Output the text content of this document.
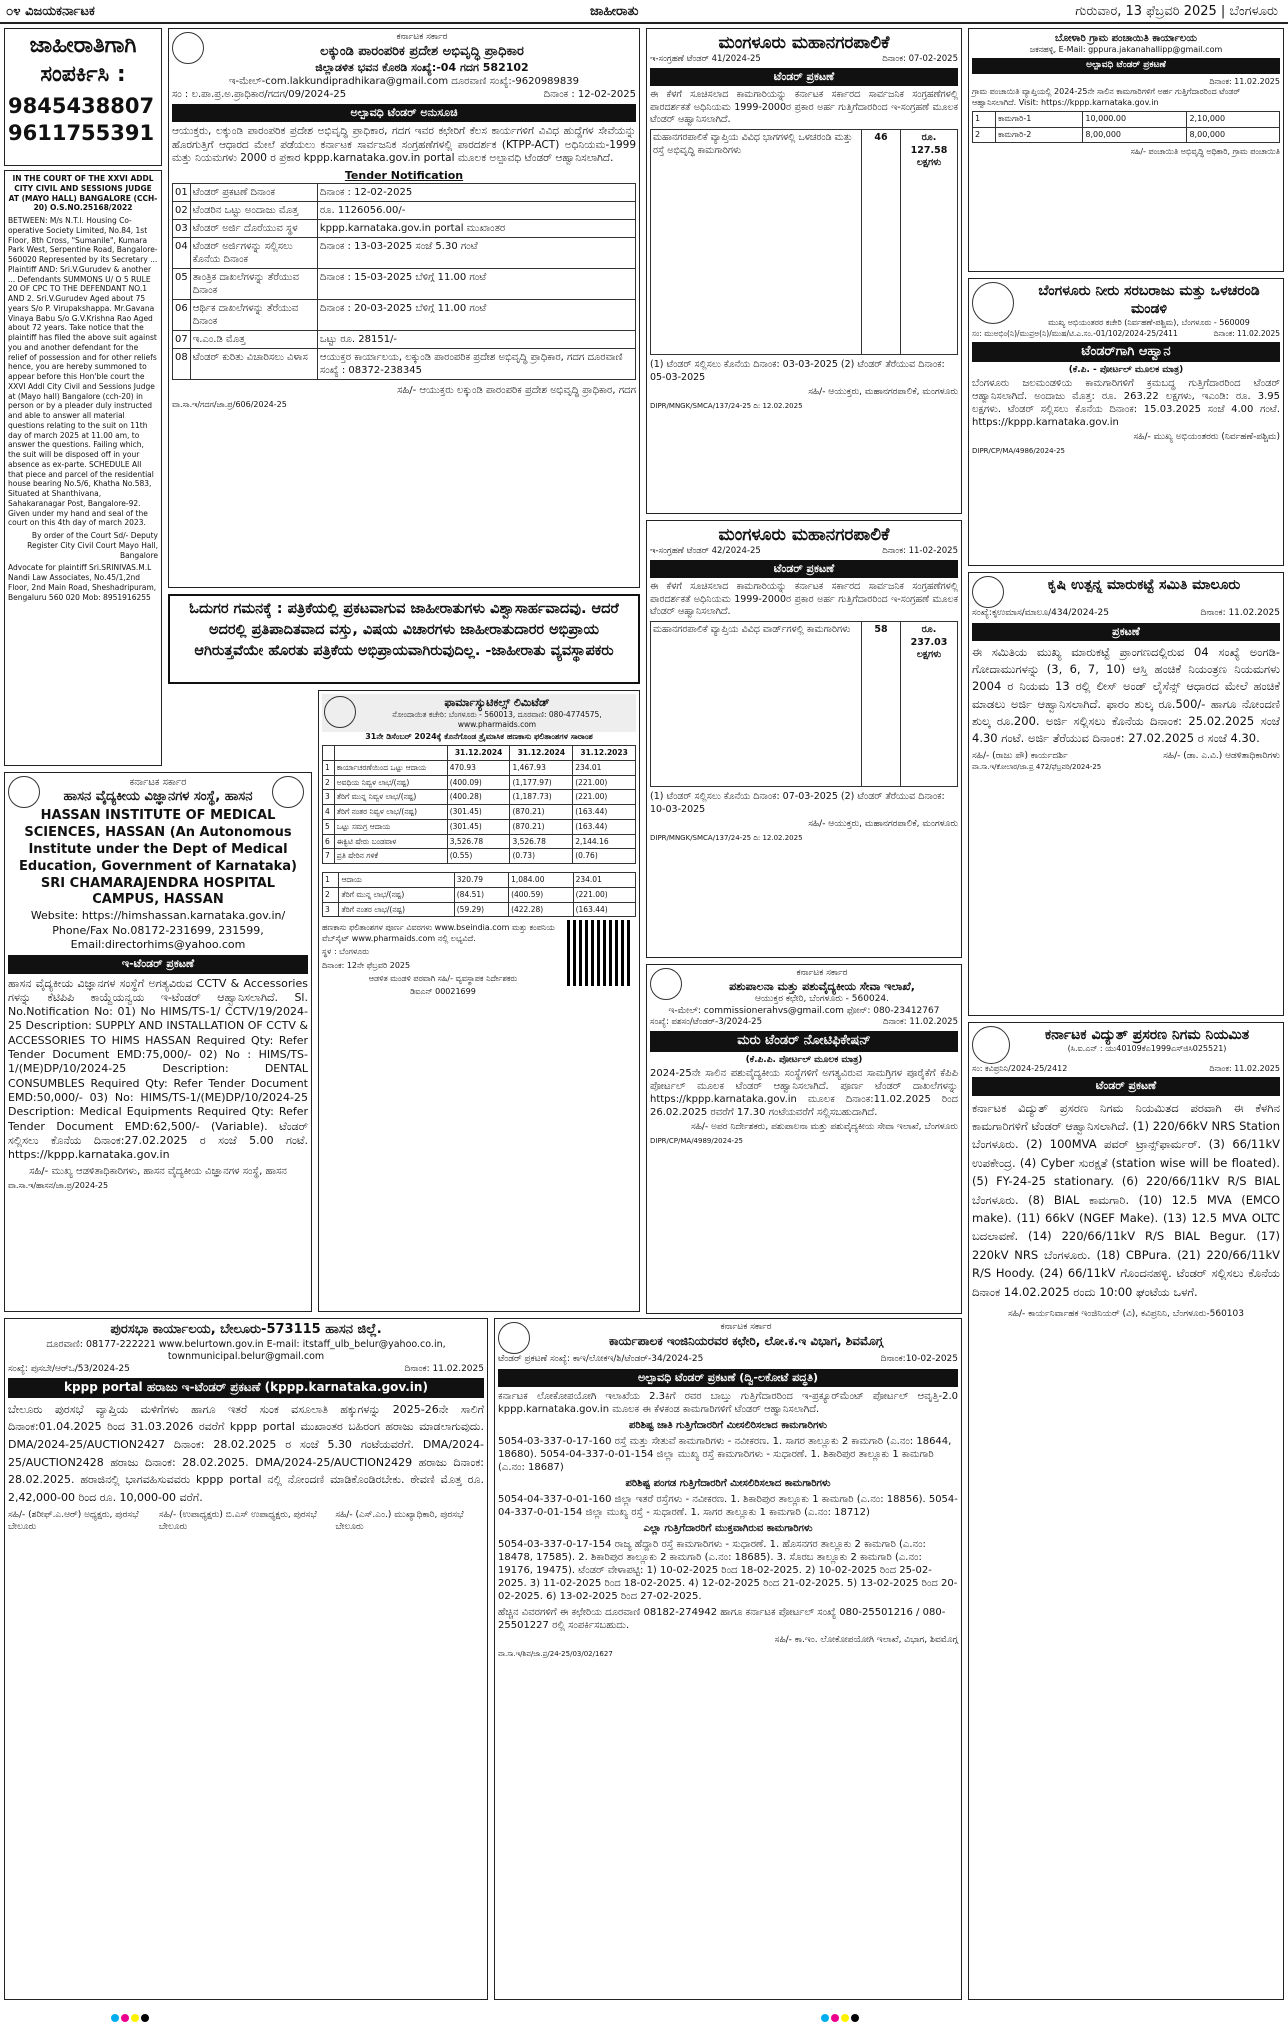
೦೪ ವಿಜಯಕರ್ನಾಟಕ	ಜಾಹೀರಾತು	ಗುರುವಾರ, 13 ಫೆಬ್ರವರಿ 2025 | ಬೆಂಗಳೂರು
ಜಾಹೀರಾತಿಗಾಗಿ ಸಂಪರ್ಕಿಸಿ :
9845438807
9611755391

IN THE COURT OF THE XXVI ADDL CITY CIVIL AND SESSIONS JUDGE AT (MAYO HALL) BANGALORE (CCH-20) O.S.NO.25168/2022

BETWEEN: M/s N.T.I. Housing Co-operative Society Limited, No.84, 1st Floor, 8th Cross, "Sumanile", Kumara Park West, Serpentine Road, Bangalore-560020 Represented by its Secretary ... Plaintiff AND: Sri.V.Gurudev & another ... Defendants SUMMONS U/ O 5 RULE 20 OF CPC TO THE DEFENDANT NO.1 AND 2. Sri.V.Gurudev Aged about 75 years S/o P. Virupakshappa. Mr.Gavana Vinaya Babu S/o G.V.Krishna Rao Aged about 72 years. Take notice that the plaintiff has filed the above suit against you and another defendant for the relief of possession and for other reliefs hence, you are hereby summoned to appear before this Hon'ble court the XXVI Addl City Civil and Sessions Judge at (Mayo hall) Bangalore (cch-20) in person or by a pleader duly instructed and able to answer all material questions relating to the suit on 11th day of march 2025 at 11.00 am, to answer the questions. Failing which, the suit will be disposed off in your absence as ex-parte. SCHEDULE All that piece and parcel of the residential house bearing No.5/6, Khatha No.583, Situated at Shanthivana, Sahakaranagar Post, Bangalore-92. Given under my hand and seal of the court on this 4th day of march 2023.

By order of the Court Sd/- Deputy Register City Civil Court Mayo Hall, Bangalore

Advocate for plaintiff Sri.SRINIVAS.M.L Nandi Law Associates, No.45/1,2nd Floor, 2nd Main Road, Sheshadripuram, Bengaluru 560 020 Mob: 8951916255

ಕರ್ನಾಟಕ ಸರ್ಕಾರ
ಹಾಸನ ವೈದ್ಯಕೀಯ ವಿಜ್ಞಾನಗಳ ಸಂಸ್ಥೆ, ಹಾಸನ
HASSAN INSTITUTE OF MEDICAL SCIENCES, HASSAN (An Autonomous Institute under the Dept of Medical Education, Government of Karnataka) SRI CHAMARAJENDRA HOSPITAL CAMPUS, HASSAN
Website: https://himshassan.karnataka.gov.in/
Phone/Fax No.08172-231699, 231599,
Email:directorhims@yahoo.com
ಇ-ಟೆಂಡರ್ ಪ್ರಕಟಣೆ

ಹಾಸನ ವೈದ್ಯಕೀಯ ವಿಜ್ಞಾನಗಳ ಸಂಸ್ಥೆಗೆ ಅಗತ್ಯವಿರುವ CCTV & Accessories ಗಳನ್ನು ಕೆಟಿಪಿಪಿ ಕಾಯ್ದೆಯನ್ವಯ ಇ-ಟೆಂಡರ್ ಆಹ್ವಾನಿಸಲಾಗಿದೆ. Sl. No.Notification No: 01) No HIMS/TS-1/ CCTV/19/2024-25 Description: SUPPLY AND INSTALLATION OF CCTV & ACCESSORIES TO HIMS HASSAN Required Qty: Refer Tender Document EMD:75,000/- 02) No : HIMS/TS-1/(ME)DP/10/2024-25 Description: DENTAL CONSUMBLES Required Qty: Refer Tender Document EMD:50,000/- 03) No: HIMS/TS-1/(ME)DP/10/2024-25 Description: Medical Equipments Required Qty: Refer Tender Document EMD:62,500/- (Variable). ಟೆಂಡರ್ ಸಲ್ಲಿಸಲು ಕೊನೆಯ ದಿನಾಂಕ:27.02.2025 ರ ಸಂಜೆ 5.00 ಗಂಟೆ. https://kppp.karnataka.gov.in

ಸಹಿ/- ಮುಖ್ಯ ಆಡಳಿತಾಧಿಕಾರಿಗಳು, ಹಾಸನ ವೈದ್ಯಕೀಯ ವಿಜ್ಞಾನಗಳ ಸಂಸ್ಥೆ, ಹಾಸನ

ವಾ.ಸಾ.ಇ/ಹಾಸನ/ಜಾ.ಪ್ರ/2024-25

ಕರ್ನಾಟಕ ಸರ್ಕಾರ
ಲಕ್ಕುಂಡಿ ಪಾರಂಪರಿಕ ಪ್ರದೇಶ ಅಭಿವೃದ್ಧಿ ಪ್ರಾಧಿಕಾರ
ಜಿಲ್ಲಾಡಳಿತ ಭವನ ಕೊಠಡಿ ಸಂಖ್ಯೆ:-04 ಗದಗ 582102
ಇ-ಮೇಲ್-com.lakkundipradhikara@gmail.com ದೂರವಾಣಿ ಸಂಖ್ಯೆ:-9620989839
ಸಂ : ಲ.ಪಾ.ಪ್ರ.ಅ.ಪ್ರಾಧಿಕಾರ/ಗದಗ/09/2024-25	ದಿನಾಂಕ : 12-02-2025
ಅಲ್ಪಾವಧಿ ಟೆಂಡರ್ ಅನುಸೂಚಿ

ಆಯುಕ್ತರು, ಲಕ್ಕುಂಡಿ ಪಾರಂಪರಿಕ ಪ್ರದೇಶ ಅಭಿವೃದ್ಧಿ ಪ್ರಾಧಿಕಾರ, ಗದಗ ಇವರ ಕಛೇರಿಗೆ ಕೆಲಸ ಕಾರ್ಯಗಳಿಗೆ ವಿವಿಧ ಹುದ್ದೆಗಳ ಸೇವೆಯನ್ನು ಹೊರಗುತ್ತಿಗೆ ಆಧಾರದ ಮೇಲೆ ಪಡೆಯಲು ಕರ್ನಾಟಕ ಸಾರ್ವಜನಿಕ ಸಂಗ್ರಹಣೆಗಳಲ್ಲಿ ಪಾರದರ್ಶಕ (KTPP-ACT) ಅಧಿನಿಯಮ-1999 ಮತ್ತು ನಿಯಮಗಳು 2000 ರ ಪ್ರಕಾರ kppp.karnataka.gov.in portal ಮೂಲಕ ಅಲ್ಪಾವಧಿ ಟೆಂಡರ್ ಆಹ್ವಾನಿಸಲಾಗಿದೆ.

Tender Notification
01	ಟೆಂಡರ್ ಪ್ರಕಟಣೆ ದಿನಾಂಕ	ದಿನಾಂಕ : 12-02-2025
02	ಟೆಂಡರಿನ ಒಟ್ಟು ಅಂದಾಜು ಮೊತ್ತ	ರೂ. 1126056.00/-
03	ಟೆಂಡರ್ ಅರ್ಜಿ ದೊರೆಯುವ ಸ್ಥಳ	kppp.karnataka.gov.in portal ಮುಖಾಂತರ
04	ಟೆಂಡರ್ ಅರ್ಜಿಗಳನ್ನು ಸಲ್ಲಿಸಲು ಕೊನೆಯ ದಿನಾಂಕ	ದಿನಾಂಕ : 13-03-2025 ಸಂಜೆ 5.30 ಗಂಟೆ
05	ತಾಂತ್ರಿಕ ದಾಖಲೆಗಳನ್ನು ತೆರೆಯುವ ದಿನಾಂಕ	ದಿನಾಂಕ : 15-03-2025 ಬೆಳಿಗ್ಗೆ 11.00 ಗಂಟೆ
06	ಆರ್ಥಿಕ ದಾಖಲೆಗಳನ್ನು ತೆರೆಯುವ ದಿನಾಂಕ	ದಿನಾಂಕ : 20-03-2025 ಬೆಳಿಗ್ಗೆ 11.00 ಗಂಟೆ
07	ಇ.ಎಂ.ಡಿ ಮೊತ್ತ	ಒಟ್ಟು ರೂ. 28151/-
08	ಟೆಂಡರ್ ಕುರಿತು ವಿಚಾರಿಸಲು ವಿಳಾಸ	ಆಯುಕ್ತರ ಕಾರ್ಯಾಲಯ, ಲಕ್ಕುಂಡಿ ಪಾರಂಪರಿಕ ಪ್ರದೇಶ ಅಭಿವೃದ್ಧಿ ಪ್ರಾಧಿಕಾರ, ಗದಗ ದೂರವಾಣಿ ಸಂಖ್ಯೆ : 08372-238345

ಸಹಿ/- ಆಯುಕ್ತರು ಲಕ್ಕುಂಡಿ ಪಾರಂಪರಿಕ ಪ್ರದೇಶ ಅಭಿವೃದ್ಧಿ ಪ್ರಾಧಿಕಾರ, ಗದಗ

ವಾ.ಸಾ.ಇ/ಗದಗ/ಜಾ.ಪ್ರ/606/2024-25

ಓದುಗರ ಗಮನಕ್ಕೆ : ಪತ್ರಿಕೆಯಲ್ಲಿ ಪ್ರಕಟವಾಗುವ ಜಾಹೀರಾತುಗಳು ವಿಶ್ವಾಸಾರ್ಹವಾದವು. ಆದರೆ ಅದರಲ್ಲಿ ಪ್ರತಿಪಾದಿತವಾದ ವಸ್ತು, ವಿಷಯ ವಿಚಾರಗಳು ಜಾಹೀರಾತುದಾರರ ಅಭಿಪ್ರಾಯ ಆಗಿರುತ್ತವೆಯೇ ಹೊರತು ಪತ್ರಿಕೆಯ ಅಭಿಪ್ರಾಯವಾಗಿರುವುದಿಲ್ಲ. -ಜಾಹೀರಾತು ವ್ಯವಸ್ಥಾಪಕರು
ಫಾರ್ಮಾಸ್ಯುಟಿಕಲ್ಸ್ ಲಿಮಿಟೆಡ್
ನೋಂದಾಯಿತ ಕಚೇರಿ: ಬೆಂಗಳೂರು - 560013, ದೂರವಾಣಿ: 080-4774575, www.pharmaids.com

31ನೇ ಡಿಸೆಂಬರ್ 2024ಕ್ಕೆ ಕೊನೆಗೊಂಡ ತ್ರೈಮಾಸಿಕ ಹಣಕಾಸು ಫಲಿತಾಂಶಗಳ ಸಾರಾಂಶ

		31.12.2024	31.12.2024	31.12.2023
1	ಕಾರ್ಯಾಚರಣೆಯಿಂದ ಒಟ್ಟು ಆದಾಯ	470.93	1,467.93	234.01
2	ಅವಧಿಯ ನಿವ್ವಳ ಲಾಭ/(ನಷ್ಟ)	(400.09)	(1,177.97)	(221.00)
3	ತೆರಿಗೆ ಮುನ್ನ ನಿವ್ವಳ ಲಾಭ/(ನಷ್ಟ)	(400.28)	(1,187.73)	(221.00)
4	ತೆರಿಗೆ ನಂತರ ನಿವ್ವಳ ಲಾಭ/(ನಷ್ಟ)	(301.45)	(870.21)	(163.44)
5	ಒಟ್ಟು ಸಮಗ್ರ ಆದಾಯ	(301.45)	(870.21)	(163.44)
6	ಈಕ್ವಿಟಿ ಷೇರು ಬಂಡವಾಳ	3,526.78	3,526.78	2,144.16
7	ಪ್ರತಿ ಷೇರಿನ ಗಳಿಕೆ	(0.55)	(0.73)	(0.76)
1	ಆದಾಯ	320.79	1,084.00	234.01
2	ತೆರಿಗೆ ಮುನ್ನ ಲಾಭ/(ನಷ್ಟ)	(84.51)	(400.59)	(221.00)
3	ತೆರಿಗೆ ನಂತರ ಲಾಭ/(ನಷ್ಟ)	(59.29)	(422.28)	(163.44)

ಹಣಕಾಸು ಫಲಿತಾಂಶಗಳ ಪೂರ್ಣ ವಿವರಗಳು www.bseindia.com ಮತ್ತು ಕಂಪನಿಯ ವೆಬ್‌ಸೈಟ್ www.pharmaids.com ನಲ್ಲಿ ಲಭ್ಯವಿದೆ.

ಸ್ಥಳ : ಬೆಂಗಳೂರು

ದಿನಾಂಕ: 12ನೇ ಫೆಬ್ರವರಿ 2025

ಆಡಳಿತ ಮಂಡಳಿ ಪರವಾಗಿ ಸಹಿ/- ವ್ಯವಸ್ಥಾಪಕ ನಿರ್ದೇಶಕರು

ಡಿಐಎನ್ 00021699

ಮಂಗಳೂರು ಮಹಾನಗರಪಾಲಿಕೆ
ಇ-ಸಂಗ್ರಹಣೆ ಟೆಂಡರ್ 41/2024-25	ದಿನಾಂಕ: 07-02-2025
ಟೆಂಡರ್ ಪ್ರಕಟಣೆ

ಈ ಕೆಳಗೆ ಸೂಚಿಸಲಾದ ಕಾಮಗಾರಿಯನ್ನು ಕರ್ನಾಟಕ ಸರ್ಕಾರದ ಸಾರ್ವಜನಿಕ ಸಂಗ್ರಹಣೆಗಳಲ್ಲಿ ಪಾರದರ್ಶಕತೆ ಅಧಿನಿಯಮ 1999-2000ರ ಪ್ರಕಾರ ಅರ್ಹ ಗುತ್ತಿಗೆದಾರರಿಂದ ಇ-ಸಂಗ್ರಹಣೆ ಮೂಲಕ ಟೆಂಡರ್ ಆಹ್ವಾನಿಸಲಾಗಿದೆ.

ಮಹಾನಗರಪಾಲಿಕೆ ವ್ಯಾಪ್ತಿಯ ವಿವಿಧ ಭಾಗಗಳಲ್ಲಿ ಒಳಚರಂಡಿ ಮತ್ತು ರಸ್ತೆ ಅಭಿವೃದ್ಧಿ ಕಾಮಗಾರಿಗಳು	46	ರೂ. 127.58 ಲಕ್ಷಗಳು

(1) ಟೆಂಡರ್ ಸಲ್ಲಿಸಲು ಕೊನೆಯ ದಿನಾಂಕ: 03-03-2025 (2) ಟೆಂಡರ್ ತೆರೆಯುವ ದಿನಾಂಕ: 05-03-2025

ಸಹಿ/- ಆಯುಕ್ತರು, ಮಹಾನಗರಪಾಲಿಕೆ, ಮಂಗಳೂರು

DIPR/MNGK/SMCA/137/24-25 ದಿ: 12.02.2025

ಮಂಗಳೂರು ಮಹಾನಗರಪಾಲಿಕೆ
ಇ-ಸಂಗ್ರಹಣೆ ಟೆಂಡರ್ 42/2024-25	ದಿನಾಂಕ: 11-02-2025
ಟೆಂಡರ್ ಪ್ರಕಟಣೆ

ಈ ಕೆಳಗೆ ಸೂಚಿಸಲಾದ ಕಾಮಗಾರಿಯನ್ನು ಕರ್ನಾಟಕ ಸರ್ಕಾರದ ಸಾರ್ವಜನಿಕ ಸಂಗ್ರಹಣೆಗಳಲ್ಲಿ ಪಾರದರ್ಶಕತೆ ಅಧಿನಿಯಮ 1999-2000ರ ಪ್ರಕಾರ ಅರ್ಹ ಗುತ್ತಿಗೆದಾರರಿಂದ ಇ-ಸಂಗ್ರಹಣೆ ಮೂಲಕ ಟೆಂಡರ್ ಆಹ್ವಾನಿಸಲಾಗಿದೆ.

ಮಹಾನಗರಪಾಲಿಕೆ ವ್ಯಾಪ್ತಿಯ ವಿವಿಧ ವಾರ್ಡ್‌ಗಳಲ್ಲಿ ಕಾಮಗಾರಿಗಳು	58	ರೂ. 237.03 ಲಕ್ಷಗಳು

(1) ಟೆಂಡರ್ ಸಲ್ಲಿಸಲು ಕೊನೆಯ ದಿನಾಂಕ: 07-03-2025 (2) ಟೆಂಡರ್ ತೆರೆಯುವ ದಿನಾಂಕ: 10-03-2025

ಸಹಿ/- ಆಯುಕ್ತರು, ಮಹಾನಗರಪಾಲಿಕೆ, ಮಂಗಳೂರು

DIPR/MNGK/SMCA/137/24-25 ದಿ: 12.02.2025

ಕರ್ನಾಟಕ ಸರ್ಕಾರ
ಪಶುಪಾಲನಾ ಮತ್ತು ಪಶುವೈದ್ಯಕೀಯ ಸೇವಾ ಇಲಾಖೆ,
ಆಯುಕ್ತರ ಕಛೇರಿ, ಬೆಂಗಳೂರು - 560024.
ಇ-ಮೇಲ್: commissionerahvs@gmail.com ಫೋನ್: 080-23412767
ಸಂಖ್ಯೆ: ಪಶಸಂ/ಟೆಂಡರ್-3/2024-25	ದಿನಾಂಕ: 11.02.2025
ಮರು ಟೆಂಡರ್ ನೋಟಿಫಿಕೇಷನ್
(ಕೆ.ಪಿ.ಪಿ. ಪೋರ್ಟಲ್ ಮೂಲಕ ಮಾತ್ರ)

2024-25ನೇ ಸಾಲಿನ ಪಶುವೈದ್ಯಕೀಯ ಸಂಸ್ಥೆಗಳಿಗೆ ಅಗತ್ಯವಿರುವ ಸಾಮಗ್ರಿಗಳ ಪೂರೈಕೆಗೆ ಕೆಪಿಪಿ ಪೋರ್ಟಲ್ ಮೂಲಕ ಟೆಂಡರ್ ಆಹ್ವಾನಿಸಲಾಗಿದೆ. ಪೂರ್ಣ ಟೆಂಡರ್ ದಾಖಲೆಗಳನ್ನು https://kppp.karnataka.gov.in ಮೂಲಕ ದಿನಾಂಕ:11.02.2025 ರಿಂದ 26.02.2025 ರವರೆಗೆ 17.30 ಗಂಟೆಯವರೆಗೆ ಸಲ್ಲಿಸಬಹುದಾಗಿದೆ.

ಸಹಿ/- ಅಪರ ನಿರ್ದೇಶಕರು, ಪಶುಪಾಲನಾ ಮತ್ತು ಪಶುವೈದ್ಯಕೀಯ ಸೇವಾ ಇಲಾಖೆ, ಬೆಂಗಳೂರು

DIPR/CP/MA/4989/2024-25

ಬೋಳಾರಿ ಗ್ರಾಮ ಪಂಚಾಯಿತಿ ಕಾರ್ಯಾಲಯ
ಜಕನಹಳ್ಳಿ, E-Mail: gppura.jakanahallipp@gmail.com
ಅಲ್ಪಾವಧಿ ಟೆಂಡರ್ ಪ್ರಕಟಣೆ
ದಿನಾಂಕ: 11.02.2025

ಗ್ರಾಮ ಪಂಚಾಯಿತಿ ವ್ಯಾಪ್ತಿಯಲ್ಲಿ 2024-25ನೇ ಸಾಲಿನ ಕಾಮಗಾರಿಗಳಿಗೆ ಅರ್ಹ ಗುತ್ತಿಗೆದಾರರಿಂದ ಟೆಂಡರ್ ಆಹ್ವಾನಿಸಲಾಗಿದೆ. Visit: https://kppp.karnataka.gov.in

1	ಕಾಮಗಾರಿ-1	10,000.00	2,10,000
2	ಕಾಮಗಾರಿ-2	8,00,000	8,00,000

ಸಹಿ/- ಪಂಚಾಯಿತಿ ಅಭಿವೃದ್ಧಿ ಅಧಿಕಾರಿ, ಗ್ರಾಮ ಪಂಚಾಯಿತಿ

ಬೆಂಗಳೂರು ನೀರು ಸರಬರಾಜು ಮತ್ತು ಒಳಚರಂಡಿ ಮಂಡಳಿ
ಮುಖ್ಯ ಅಭಿಯಂತರರ ಕಚೇರಿ (ನಿರ್ವಹಣೆ-ಪಶ್ಚಿಮ), ಬೆಂಗಳೂರು - 560009
ಸಂ: ಮುಅಭಿಂ(ನಿ)/ಮುಪ್ರಅ(ನಿ)/ಮುಹ/ಟಿ.ಎ.ಸಂ.-01/102/2024-25/2411	ದಿನಾಂಕ: 11.02.2025
ಟೆಂಡರ್‌ಗಾಗಿ ಆಹ್ವಾನ
(ಕೆ.ಪಿ. - ಪೋರ್ಟಲ್ ಮೂಲಕ ಮಾತ್ರ)

ಬೆಂಗಳೂರು ಜಲಮಂಡಳಿಯ ಕಾಮಗಾರಿಗಳಿಗೆ ಕ್ರಮಬದ್ಧ ಗುತ್ತಿಗೆದಾರರಿಂದ ಟೆಂಡರ್ ಆಹ್ವಾನಿಸಲಾಗಿದೆ. ಅಂದಾಜು ಮೊತ್ತ: ರೂ. 263.22 ಲಕ್ಷಗಳು, ಇಎಂಡಿ: ರೂ. 3.95 ಲಕ್ಷಗಳು. ಟೆಂಡರ್ ಸಲ್ಲಿಸಲು ಕೊನೆಯ ದಿನಾಂಕ: 15.03.2025 ಸಂಜೆ 4.00 ಗಂಟೆ. https://kppp.karnataka.gov.in

ಸಹಿ/- ಮುಖ್ಯ ಅಭಿಯಂತರರು (ನಿರ್ವಹಣೆ-ಪಶ್ಚಿಮ)

DIPR/CP/MA/4986/2024-25

ಕೃಷಿ ಉತ್ಪನ್ನ ಮಾರುಕಟ್ಟೆ ಸಮಿತಿ ಮಾಲೂರು
ಸಂಖ್ಯೆ:ಕೃಉಮಾಸ/ಮಾಲೂ/434/2024-25	ದಿನಾಂಕ: 11.02.2025
ಪ್ರಕಟಣೆ

ಈ ಸಮಿತಿಯ ಮುಖ್ಯ ಮಾರುಕಟ್ಟೆ ಪ್ರಾಂಗಣದಲ್ಲಿರುವ 04 ಸಂಖ್ಯೆ ಅಂಗಡಿ-ಗೋದಾಮುಗಳನ್ನು (3, 6, 7, 10) ಆಸ್ತಿ ಹಂಚಿಕೆ ನಿಯಂತ್ರಣ ನಿಯಮಗಳು 2004 ರ ನಿಯಮ 13 ರಲ್ಲಿ ಲೀಸ್ ಅಂಡ್ ಲೈಸೆನ್ಸ್ ಆಧಾರದ ಮೇಲೆ ಹಂಚಿಕೆ ಮಾಡಲು ಅರ್ಜಿ ಆಹ್ವಾನಿಸಲಾಗಿದೆ. ಫಾರಂ ಶುಲ್ಕ ರೂ.500/- ಹಾಗೂ ನೋಂದಣಿ ಶುಲ್ಕ ರೂ.200. ಅರ್ಜಿ ಸಲ್ಲಿಸಲು ಕೊನೆಯ ದಿನಾಂಕ: 25.02.2025 ಸಂಜೆ 4.30 ಗಂಟೆ. ಅರ್ಜಿ ತೆರೆಯುವ ದಿನಾಂಕ: 27.02.2025 ರ ಸಂಜೆ 4.30.

ಸಹಿ/- (ರಾಜು ಪೌ) ಕಾರ್ಯದರ್ಶಿ	ಸಹಿ/- (ಡಾ. ಎ.ವಿ.) ಆಡಳಿತಾಧಿಕಾರಿಗಳು

ವಾ.ಸಾ.ಇ/ಕೋಲಾರ/ಜಾ.ಪ್ರ 472/ಫೆಬ್ರವರಿ/2024-25

ಕರ್ನಾಟಕ ವಿದ್ಯುತ್ ಪ್ರಸರಣ ನಿಗಮ ನಿಯಮಿತ
(ಸಿ.ಐ.ಎನ್ : ಯು40109ಕೆಎ1999ಎಸ್‌ಜಿಸಿ025521)
ಸಂ: ಕವಿಪ್ರನಿನಿ/2024-25/2412	ದಿನಾಂಕ: 11.02.2025
ಟೆಂಡರ್ ಪ್ರಕಟಣೆ

ಕರ್ನಾಟಕ ವಿದ್ಯುತ್ ಪ್ರಸರಣ ನಿಗಮ ನಿಯಮಿತದ ಪರವಾಗಿ ಈ ಕೆಳಗಿನ ಕಾಮಗಾರಿಗಳಿಗೆ ಟೆಂಡರ್ ಆಹ್ವಾನಿಸಲಾಗಿದೆ. (1) 220/66kV NRS Station ಬೆಂಗಳೂರು. (2) 100MVA ಪವರ್ ಟ್ರಾನ್ಸ್‌ಫಾರ್ಮರ್. (3) 66/11kV ಉಪಕೇಂದ್ರ. (4) Cyber ಸುರಕ್ಷತೆ (station wise will be floated). (5) FY-24-25 stationary. (6) 220/66/11kV R/S BIAL ಬೆಂಗಳೂರು. (8) BIAL ಕಾಮಗಾರಿ. (10) 12.5 MVA (EMCO make). (11) 66kV (NGEF Make). (13) 12.5 MVA OLTC ಬದಲಾವಣೆ. (14) 220/66/11kV R/S BIAL Begur. (17) 220kV NRS ಬೆಂಗಳೂರು. (18) CBPura. (21) 220/66/11kV R/S Hoody. (24) 66/11kV ಗೊಂದನಹಳ್ಳಿ. ಟೆಂಡರ್ ಸಲ್ಲಿಸಲು ಕೊನೆಯ ದಿನಾಂಕ 14.02.2025 ರಂದು 10:00 ಘಂಟೆಯ ಒಳಗೆ.

ಸಹಿ/- ಕಾರ್ಯನಿರ್ವಾಹಕ ಇಂಜಿನಿಯರ್ (ವಿ), ಕವಿಪ್ರನಿನಿ, ಬೆಂಗಳೂರು-560103

ಪುರಸಭಾ ಕಾರ್ಯಾಲಯ, ಬೇಲೂರು-573115 ಹಾಸನ ಜಿಲ್ಲೆ.
ದೂರವಾಣಿ: 08177-222221 www.belurtown.gov.in E-mail: itstaff_ulb_belur@yahoo.co.in, townmunicipal.belur@gmail.com
ಸಂಖ್ಯೆ: ಪುಸಬೇ/ಆರ್‌ಒ/53/2024-25	ದಿನಾಂಕ: 11.02.2025
kppp portal ಹರಾಜು ಇ-ಟೆಂಡರ್ ಪ್ರಕಟಣೆ (kppp.karnataka.gov.in)

ಬೇಲೂರು ಪುರಸಭೆ ವ್ಯಾಪ್ತಿಯ ಮಳಿಗೆಗಳು ಹಾಗೂ ಇತರೆ ಸುಂಕ ವಸೂಲಾತಿ ಹಕ್ಕುಗಳನ್ನು 2025-26ನೇ ಸಾಲಿಗೆ ದಿನಾಂಕ:01.04.2025 ರಿಂದ 31.03.2026 ರವರೆಗೆ kppp portal ಮುಖಾಂತರ ಬಹಿರಂಗ ಹರಾಜು ಮಾಡಲಾಗುವುದು. DMA/2024-25/AUCTION2427 ದಿನಾಂಕ: 28.02.2025 ರ ಸಂಜೆ 5.30 ಗಂಟೆಯವರೆಗೆ. DMA/2024-25/AUCTION2428 ಹರಾಜು ದಿನಾಂಕ: 28.02.2025. DMA/2024-25/AUCTION2429 ಹರಾಜು ದಿನಾಂಕ: 28.02.2025. ಹರಾಜಿನಲ್ಲಿ ಭಾಗವಹಿಸುವವರು kppp portal ನಲ್ಲಿ ನೋಂದಣಿ ಮಾಡಿಕೊಂಡಿರಬೇಕು. ಠೇವಣಿ ಮೊತ್ತ ರೂ. 2,42,000-00 ರಿಂದ ರೂ. 10,000-00 ವರೆಗೆ.

ಸಹಿ/- (ಶರೀಫ್.ಎ.ಆರ್) ಅಧ್ಯಕ್ಷರು, ಪುರಸಭೆ ಬೇಲೂರು
ಸಹಿ/- (ಉಪಾಧ್ಯಕ್ಷರು) ಬಿ.ಎಸ್ ಉಪಾಧ್ಯಕ್ಷರು, ಪುರಸಭೆ ಬೇಲೂರು
ಸಹಿ/- (ಎಸ್.ಎಂ.) ಮುಖ್ಯಾಧಿಕಾರಿ, ಪುರಸಭೆ ಬೇಲೂರು
ಕರ್ನಾಟಕ ಸರ್ಕಾರ
ಕಾರ್ಯಪಾಲಕ ಇಂಜಿನಿಯರವರ ಕಛೇರಿ, ಲೋ.ಕ.ಇ ವಿಭಾಗ, ಶಿವಮೊಗ್ಗ
ಟೆಂಡರ್ ಪ್ರಕಟಣೆ ಸಂಖ್ಯೆ: ಕಾಇ/ಲೋಕಇ/ಶಿ/ಟೆಂಡರ್-34/2024-25	ದಿನಾಂಕ:10-02-2025
ಅಲ್ಪಾವಧಿ ಟೆಂಡರ್ ಪ್ರಕಟಣೆ (ದ್ವಿ-ಲಕೋಟೆ ಪದ್ಧತಿ)

ಕರ್ನಾಟಕ ಲೋಕೋಪಯೋಗಿ ಇಲಾಖೆಯ 2.3ಕಿಗೆ ರವರ ಬಾಬ್ತು ಗುತ್ತಿಗೆದಾರರಿಂದ ಇ-ಪ್ರಕ್ಯೂರ್‌ಮೆಂಟ್ ಪೋರ್ಟಲ್ ಆವೃತ್ತಿ-2.0 kppp.karnataka.gov.in ಮೂಲಕ ಈ ಕೆಳಕಂಡ ಕಾಮಗಾರಿಗಳಿಗೆ ಟೆಂಡರ್ ಆಹ್ವಾನಿಸಲಾಗಿದೆ.

ಪರಿಶಿಷ್ಟ ಜಾತಿ ಗುತ್ತಿಗೆದಾರರಿಗೆ ಮೀಸಲಿರಿಸಲಾದ ಕಾಮಗಾರಿಗಳು

5054-03-337-0-17-160 ರಸ್ತೆ ಮತ್ತು ಸೇತುವೆ ಕಾಮಗಾರಿಗಳು - ನವೀಕರಣ. 1. ಸಾಗರ ತಾಲ್ಲೂಕು 2 ಕಾಮಗಾರಿ (ಎ.ನಂ: 18644, 18680). 5054-04-337-0-01-154 ಜಿಲ್ಲಾ ಮುಖ್ಯ ರಸ್ತೆ ಕಾಮಗಾರಿಗಳು - ಸುಧಾರಣೆ. 1. ಶಿಕಾರಿಪುರ ತಾಲ್ಲೂಕು 1 ಕಾಮಗಾರಿ (ಎ.ನಂ: 18687)

ಪರಿಶಿಷ್ಟ ಪಂಗಡ ಗುತ್ತಿಗೆದಾರರಿಗೆ ಮೀಸಲಿರಿಸಲಾದ ಕಾಮಗಾರಿಗಳು

5054-04-337-0-01-160 ಜಿಲ್ಲಾ ಇತರೆ ರಸ್ತೆಗಳು - ನವೀಕರಣ. 1. ಶಿಕಾರಿಪುರ ತಾಲ್ಲೂಕು 1 ಕಾಮಗಾರಿ (ಎ.ನಂ: 18856). 5054-04-337-0-01-154 ಜಿಲ್ಲಾ ಮುಖ್ಯ ರಸ್ತೆ - ಸುಧಾರಣೆ. 1. ಸಾಗರ ತಾಲ್ಲೂಕು 1 ಕಾಮಗಾರಿ (ಎ.ನಂ: 18712)

ಎಲ್ಲಾ ಗುತ್ತಿಗೆದಾರರಿಗೆ ಮುಕ್ತವಾಗಿರುವ ಕಾಮಗಾರಿಗಳು

5054-03-337-0-17-154 ರಾಜ್ಯ ಹೆದ್ದಾರಿ ರಸ್ತೆ ಕಾಮಗಾರಿಗಳು - ಸುಧಾರಣೆ. 1. ಹೊಸನಗರ ತಾಲ್ಲೂಕು 2 ಕಾಮಗಾರಿ (ಎ.ನಂ: 18478, 17585). 2. ಶಿಕಾರಿಪುರ ತಾಲ್ಲೂಕು 2 ಕಾಮಗಾರಿ (ಎ.ನಂ: 18685). 3. ಸೊರಬ ತಾಲ್ಲೂಕು 2 ಕಾಮಗಾರಿ (ಎ.ನಂ: 19176, 19475). ಟೆಂಡರ್ ವೇಳಾಪಟ್ಟಿ: 1) 10-02-2025 ರಿಂದ 18-02-2025. 2) 10-02-2025 ರಿಂದ 25-02-2025. 3) 11-02-2025 ರಿಂದ 18-02-2025. 4) 12-02-2025 ರಿಂದ 21-02-2025. 5) 13-02-2025 ರಿಂದ 20-02-2025. 6) 13-02-2025 ರಿಂದ 27-02-2025.

ಹೆಚ್ಚಿನ ವಿವರಗಳಿಗೆ ಈ ಕಛೇರಿಯ ದೂರವಾಣಿ 08182-274942 ಹಾಗೂ ಕರ್ನಾಟಕ ಪೋರ್ಟಲ್ ಸಂಖ್ಯೆ 080-25501216 / 080-25501227 ರಲ್ಲಿ ಸಂಪರ್ಕಿಸಬಹುದು.

ಸಹಿ/- ಕಾ.ಇಂ. ಲೋಕೋಪಯೋಗಿ ಇಲಾಖೆ, ವಿಭಾಗ, ಶಿವಮೊಗ್ಗ

ವಾ.ಸಾ.ಇ/ಶಿವ/ಜಾ.ಪ್ರ/24-25/03/02/1627
